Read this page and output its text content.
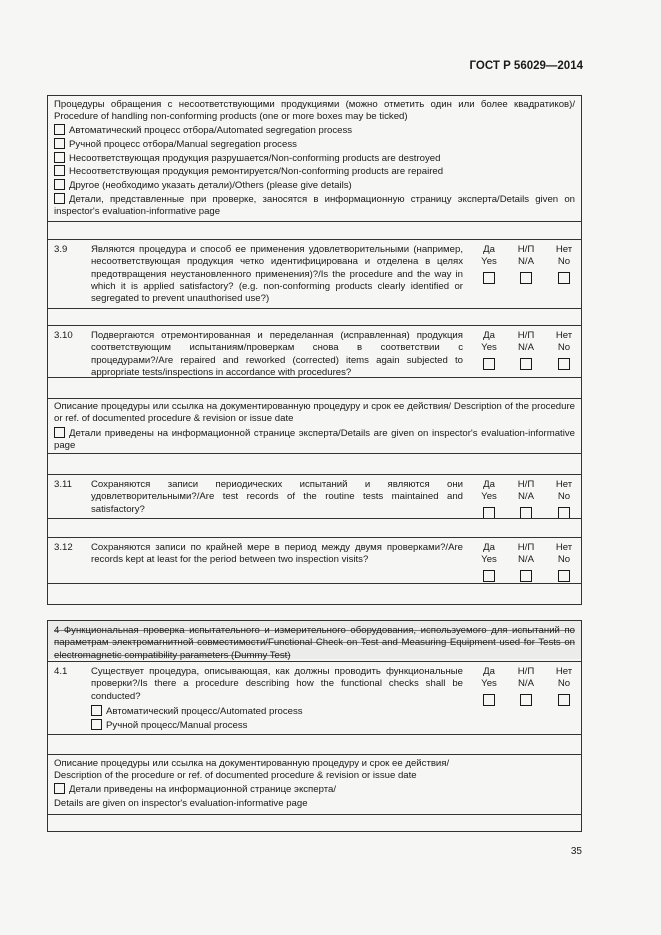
ГОСТ Р 56029—2014
Процедуры обращения с несоответствующими продукциями (можно отметить один или более квадратиков)/ Procedure of handling non-conforming products (one or more boxes may be ticked)
Автоматический процесс отбора/Automated segregation process
Ручной процесс отбора/Manual segregation process
Несоответствующая продукция разрушается/Non-conforming products are destroyed
Несоответствующая продукция ремонтируется/Non-conforming products are repaired
Другое (необходимо указать детали)/Others (please give details)
Детали, представленные при проверке, заносятся в информационную страницу эксперта/Details given on inspector's evaluation-informative page
3.9 Являются процедура и способ ее применения удовлетворительными (например, несоответствующая продукция четко идентифицирована и отделена в целях предотвращения неустановленного применения)?/Is the procedure and the way in which it is applied satisfactory? (e.g. non-conforming products clearly identified or segregated to prevent unauthorised use?)
Да
Yes
Н/П
N/A
Нет
No
3.10 Подвергаются отремонтированная и переделанная (исправленная) продукция соответствующим испытаниям/проверкам снова в соответствии с процедурами?/Are repaired and reworked (corrected) items again subjected to appropriate tests/inspections in accordance with procedures?
Да
Yes
Н/П
N/A
Нет
No
Описание процедуры или ссылка на документированную процедуру и срок ее действия/ Description of the procedure or ref. of documented procedure & revision or issue date
Детали приведены на информационной странице эксперта/Details are given on inspector's evaluation-informative page
3.11 Сохраняются записи периодических испытаний и являются они удовлетворительными?/Are test records of the routine tests maintained and satisfactory?
Да
Yes
Н/П
N/A
Нет
No
3.12 Сохраняются записи по крайней мере в период между двумя проверками?/Are records kept at least for the period between two inspection visits?
Да
Yes
Н/П
N/A
Нет
No
4 Функциональная проверка испытательного и измерительного оборудования, используемого для испытаний по параметрам электромагнитной совместимости/Functional Check on Test and Measuring Equipment used for Tests on electromagnetic compatibility parameters (Dummy Test)
4.1 Существует процедура, описывающая, как должны проводить функциональные проверки?/Is there a procedure describing how the functional checks shall be conducted?
Автоматический процесс/Automated process
Ручной процесс/Manual process
Да
Yes
Н/П
N/A
Нет
No
Описание процедуры или ссылка на документированную процедуру и срок ее действия/
Description of the procedure or ref. of documented procedure & revision or issue date
Детали приведены на информационной странице эксперта/
Details are given on inspector's evaluation-informative page
35
